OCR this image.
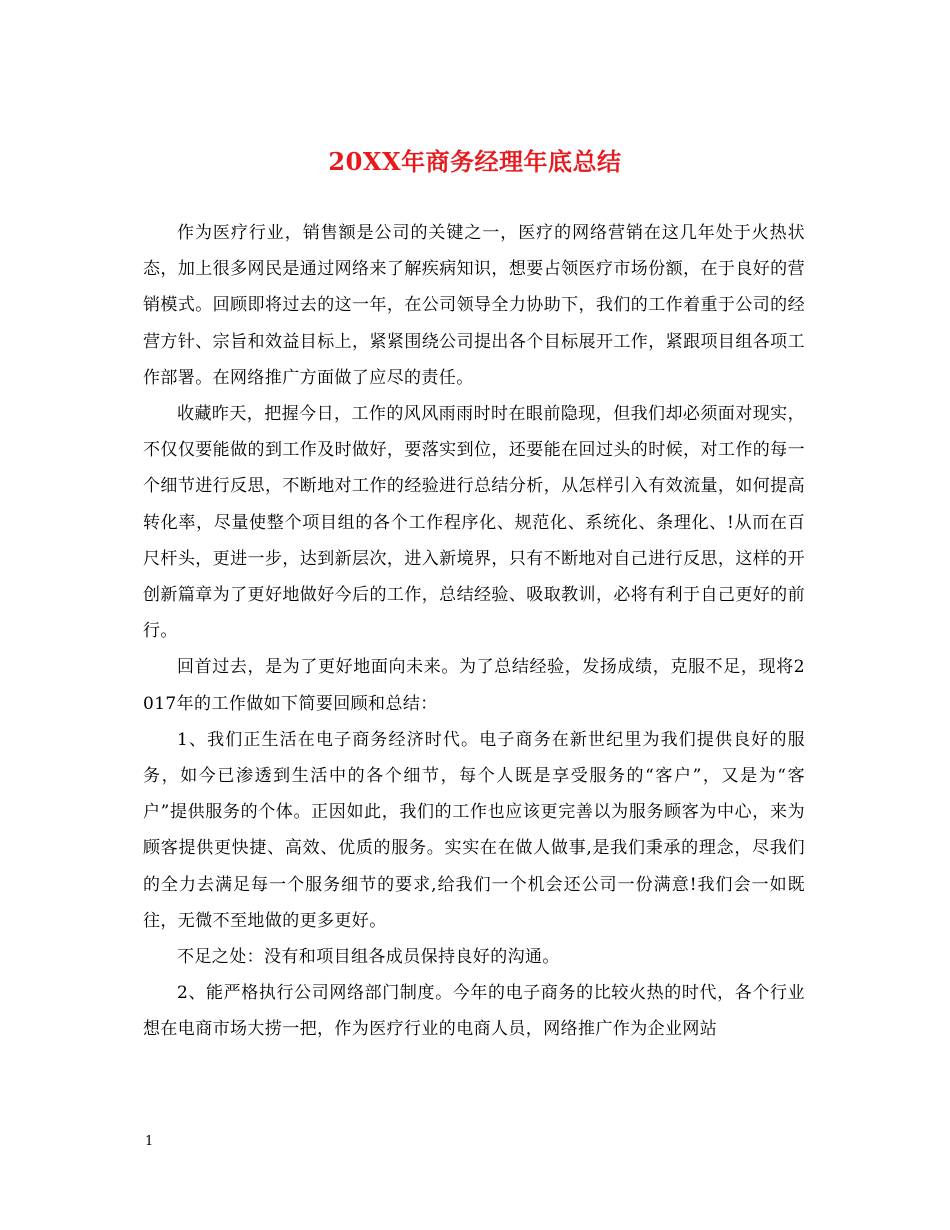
20XX年商务经理年底总结

作为医疗行业，销售额是公司的关键之一，医疗的网络营销在这几年处于火热状态，加上很多网民是通过网络来了解疾病知识，想要占领医疗市场份额，在于良好的营销模式。回顾即将过去的这一年，在公司领导全力协助下，我们的工作着重于公司的经营方针、宗旨和效益目标上，紧紧围绕公司提出各个目标展开工作，紧跟项目组各项工作部署。在网络推广方面做了应尽的责任。

收藏昨天，把握今日，工作的风风雨雨时时在眼前隐现，但我们却必须面对现实，不仅仅要能做的到工作及时做好，要落实到位，还要能在回过头的时候，对工作的每一个细节进行反思，不断地对工作的经验进行总结分析，从怎样引入有效流量，如何提高转化率，尽量使整个项目组的各个工作程序化、规范化、系统化、条理化、!从而在百尺杆头，更进一步，达到新层次，进入新境界，只有不断地对自己进行反思，这样的开创新篇章为了更好地做好今后的工作，总结经验、吸取教训，必将有利于自己更好的前行。

回首过去，是为了更好地面向未来。为了总结经验，发扬成绩，克服不足，现将2017年的工作做如下简要回顾和总结：

1、我们正生活在电子商务经济时代。电子商务在新世纪里为我们提供良好的服务，如今已渗透到生活中的各个细节，每个人既是享受服务的“客户”，又是为“客户”提供服务的个体。正因如此，我们的工作也应该更完善以为服务顾客为中心，来为顾客提供更快捷、高效、优质的服务。实实在在做人做事,是我们秉承的理念，尽我们的全力去满足每一个服务细节的要求,给我们一个机会还公司一份满意!我们会一如既往，无微不至地做的更多更好。

不足之处：没有和项目组各成员保持良好的沟通。

2、能严格执行公司网络部门制度。今年的电子商务的比较火热的时代，各个行业想在电商市场大捞一把，作为医疗行业的电商人员，网络推广作为企业网站

1
